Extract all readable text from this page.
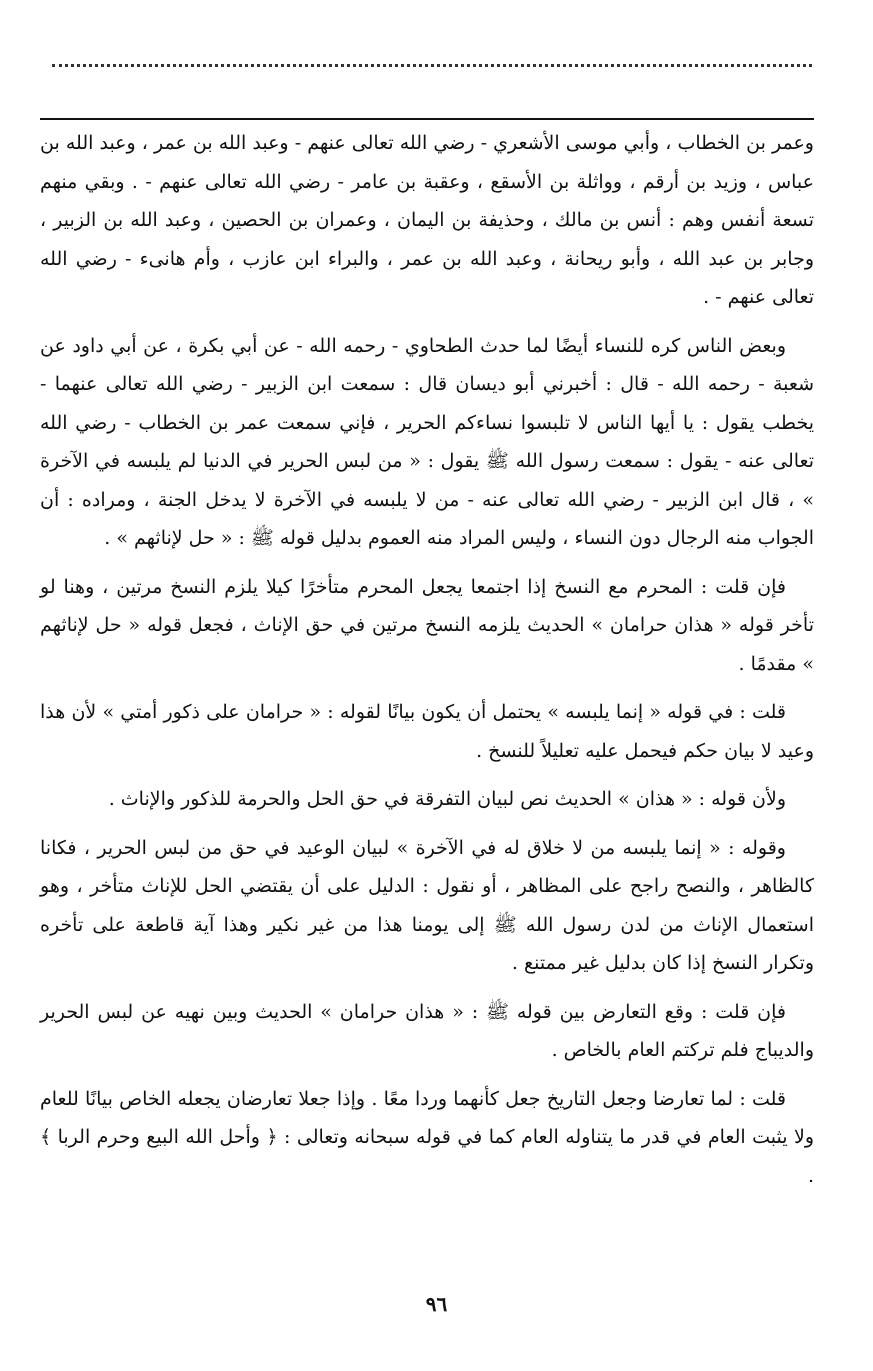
وعمر بن الخطاب ، وأبي موسى الأشعري - رضي الله تعالى عنهم - وعبد الله بن عمر ، وعبد الله بن عباس ، وزيد بن أرقم ، وواثلة بن الأسقع ، وعقبة بن عامر - رضي الله تعالى عنهم - . وبقي منهم تسعة أنفس وهم : أنس بن مالك ، وحذيفة بن اليمان ، وعمران بن الحصين ، وعبد الله بن الزبير ، وجابر بن عبد الله ، وأبو ريحانة ، وعبد الله بن عمر ، والبراء ابن عازب ، وأم هانىء - رضي الله تعالى عنهم - .

وبعض الناس كره للنساء أيضًا لما حدث الطحاوي - رحمه الله - عن أبي بكرة ، عن أبي داود عن شعبة - رحمه الله - قال : أخبرني أبو ديسان قال : سمعت ابن الزبير - رضي الله تعالى عنهما - يخطب يقول : يا أيها الناس لا تلبسوا نساءكم الحرير ، فإني سمعت عمر بن الخطاب - رضي الله تعالى عنه - يقول : سمعت رسول الله ﷺ يقول : « من لبس الحرير في الدنيا لم يلبسه في الآخرة » ، قال ابن الزبير - رضي الله تعالى عنه - من لا يلبسه في الآخرة لا يدخل الجنة ، ومراده : أن الجواب منه الرجال دون النساء ، وليس المراد منه العموم بدليل قوله ﷺ : « حل لإناثهم » .

فإن قلت : المحرم مع النسخ إذا اجتمعا يجعل المحرم متأخرًا كيلا يلزم النسخ مرتين ، وهنا لو تأخر قوله « هذان حرامان » الحديث يلزمه النسخ مرتين في حق الإناث ، فجعل قوله « حل لإناثهم » مقدمًا .

قلت : في قوله « إنما يلبسه » يحتمل أن يكون بيانًا لقوله : « حرامان على ذكور أمتي » لأن هذا وعيد لا بيان حكم فيحمل عليه تعليلاً للنسخ .

ولأن قوله : « هذان » الحديث نص لبيان التفرقة في حق الحل والحرمة للذكور والإناث .

وقوله : « إنما يلبسه من لا خلاق له في الآخرة » لبيان الوعيد في حق من لبس الحرير ، فكانا كالظاهر ، والنصح راجح على المظاهر ، أو نقول : الدليل على أن يقتضي الحل للإناث متأخر ، وهو استعمال الإناث من لدن رسول الله ﷺ إلى يومنا هذا من غير نكير وهذا آية قاطعة على تأخره وتكرار النسخ إذا كان بدليل غير ممتنع .

فإن قلت : وقع التعارض بين قوله ﷺ : « هذان حرامان » الحديث وبين نهيه عن لبس الحرير والديباج فلم تركتم العام بالخاص .

قلت : لما تعارضا وجعل التاريخ جعل كأنهما وردا معًا . وإذا جعلا تعارضان يجعله الخاص بيانًا للعام ولا يثبت العام في قدر ما يتناوله العام كما في قوله سبحانه وتعالى : ﴿ وأحل الله البيع وحرم الربا ﴾ .

٩٦
